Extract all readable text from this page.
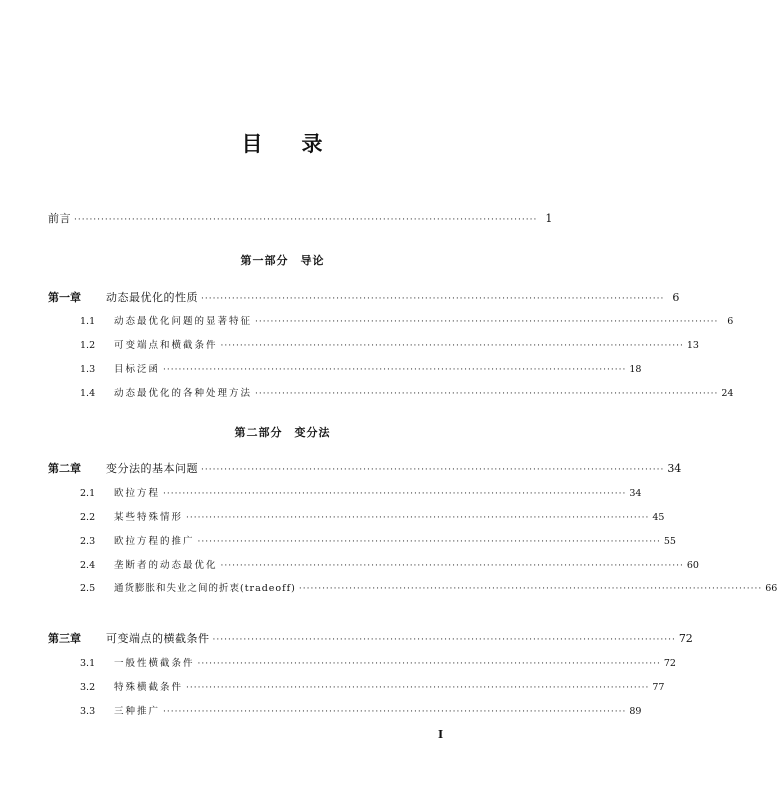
目 录
前言 ························································································································ 1
第一部分 导论
第一章 动态最优化的性质 ························································································································ 6
1.1 动态最优化问题的显著特征 ························································································································ 6
1.2 可变端点和横截条件 ························································································································ 13
1.3 目标泛函 ························································································································ 18
1.4 动态最优化的各种处理方法 ························································································································ 24
第二部分 变分法
第二章 变分法的基本问题 ························································································································ 34
2.1 欧拉方程 ························································································································ 34
2.2 某些特殊情形 ························································································································ 45
2.3 欧拉方程的推广 ························································································································ 55
2.4 垄断者的动态最优化 ························································································································ 60
2.5 通货膨胀和失业之间的折衷(tradeoff) ························································································································ 66
第三章 可变端点的横截条件 ························································································································ 72
3.1 一般性横截条件 ························································································································ 72
3.2 特殊横截条件 ························································································································ 77
3.3 三种推广 ························································································································ 89
I
